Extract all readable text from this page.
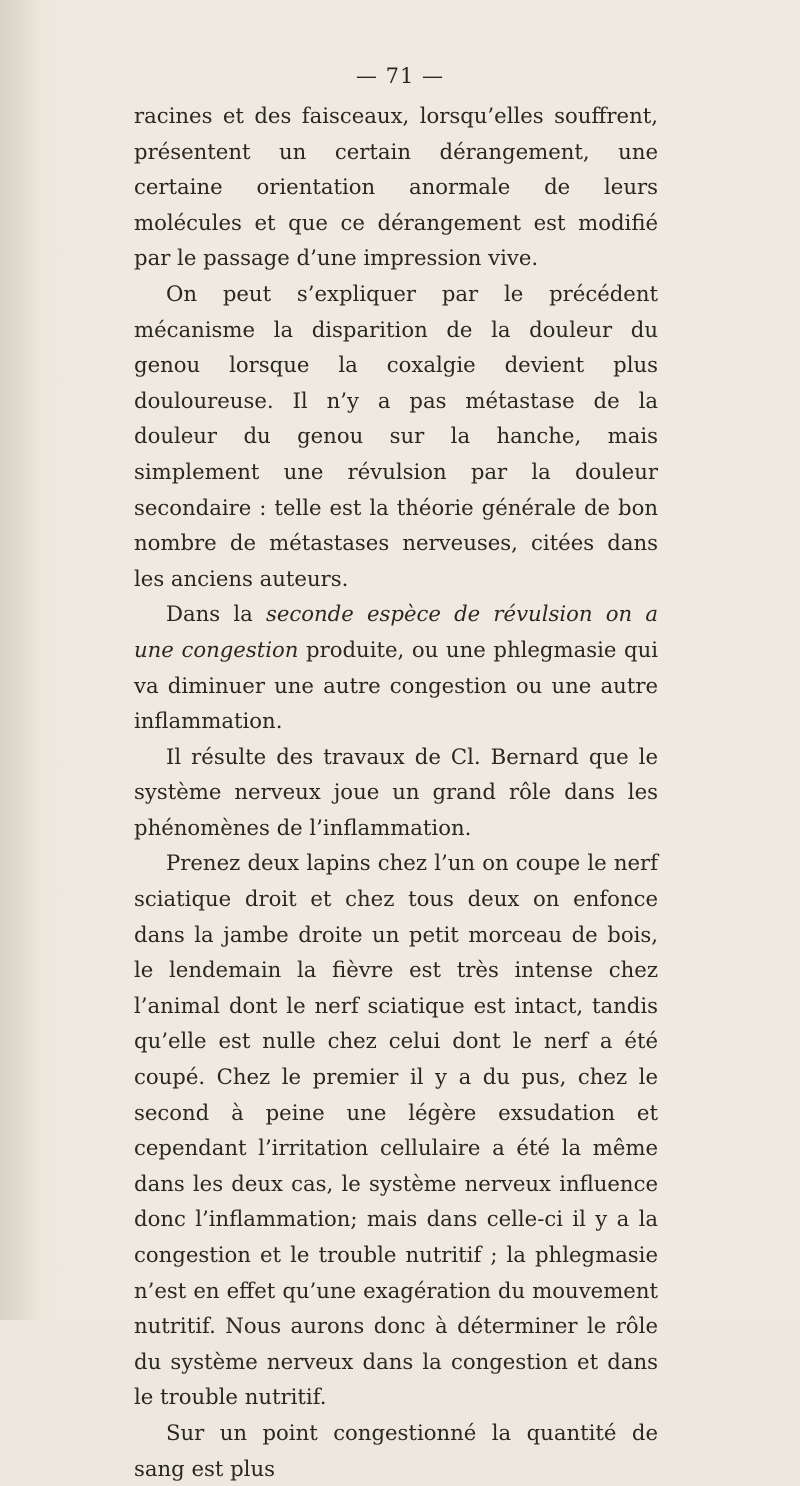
— 71 —

racines et des faisceaux, lorsqu’elles souffrent, présentent un certain dérangement, une certaine orientation anormale de leurs molécules et que ce dérangement est modifié par le passage d’une impression vive.

On peut s’expliquer par le précédent mécanisme la disparition de la douleur du genou lorsque la coxalgie devient plus douloureuse. Il n’y a pas métastase de la douleur du genou sur la hanche, mais simplement une révulsion par la douleur secondaire : telle est la théorie générale de bon nombre de métastases nerveuses, citées dans les anciens auteurs.

Dans la seconde espèce de révulsion on a une congestion produite, ou une phlegmasie qui va diminuer une autre congestion ou une autre inflammation.

Il résulte des travaux de Cl. Bernard que le système nerveux joue un grand rôle dans les phénomènes de l’inflammation.

Prenez deux lapins chez l’un on coupe le nerf sciatique droit et chez tous deux on enfonce dans la jambe droite un petit morceau de bois, le lendemain la fièvre est très intense chez l’animal dont le nerf sciatique est intact, tandis qu’elle est nulle chez celui dont le nerf a été coupé. Chez le premier il y a du pus, chez le second à peine une légère exsudation et cependant l’irritation cellulaire a été la même dans les deux cas, le système nerveux influence donc l’inflammation; mais dans celle-ci il y a la congestion et le trouble nutritif ; la phlegmasie n’est en effet qu’une exagération du mouvement nutritif. Nous aurons donc à déterminer le rôle du système nerveux dans la congestion et dans le trouble nutritif.

Sur un point congestionné la quantité de sang est plus
